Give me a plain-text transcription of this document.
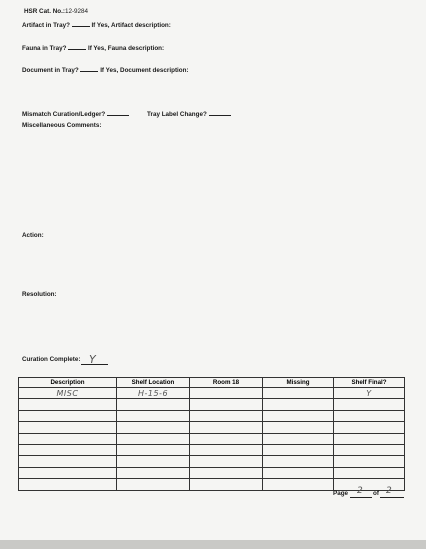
HSR Cat. No.:12-9284
Artifact in Tray?	If Yes, Artifact description:
Fauna in Tray?	If Yes, Fauna description:
Document in Tray?	If Yes, Document description:
Mismatch Curation/Ledger?	Tray Label Change?
Miscellaneous Comments:
Action:
Resolution:
Curation Complete: Y
Description	Shelf Location	Room 18	Missing	Shelf Final?

MISC	H-15-6			Y

Page 2 of 2
